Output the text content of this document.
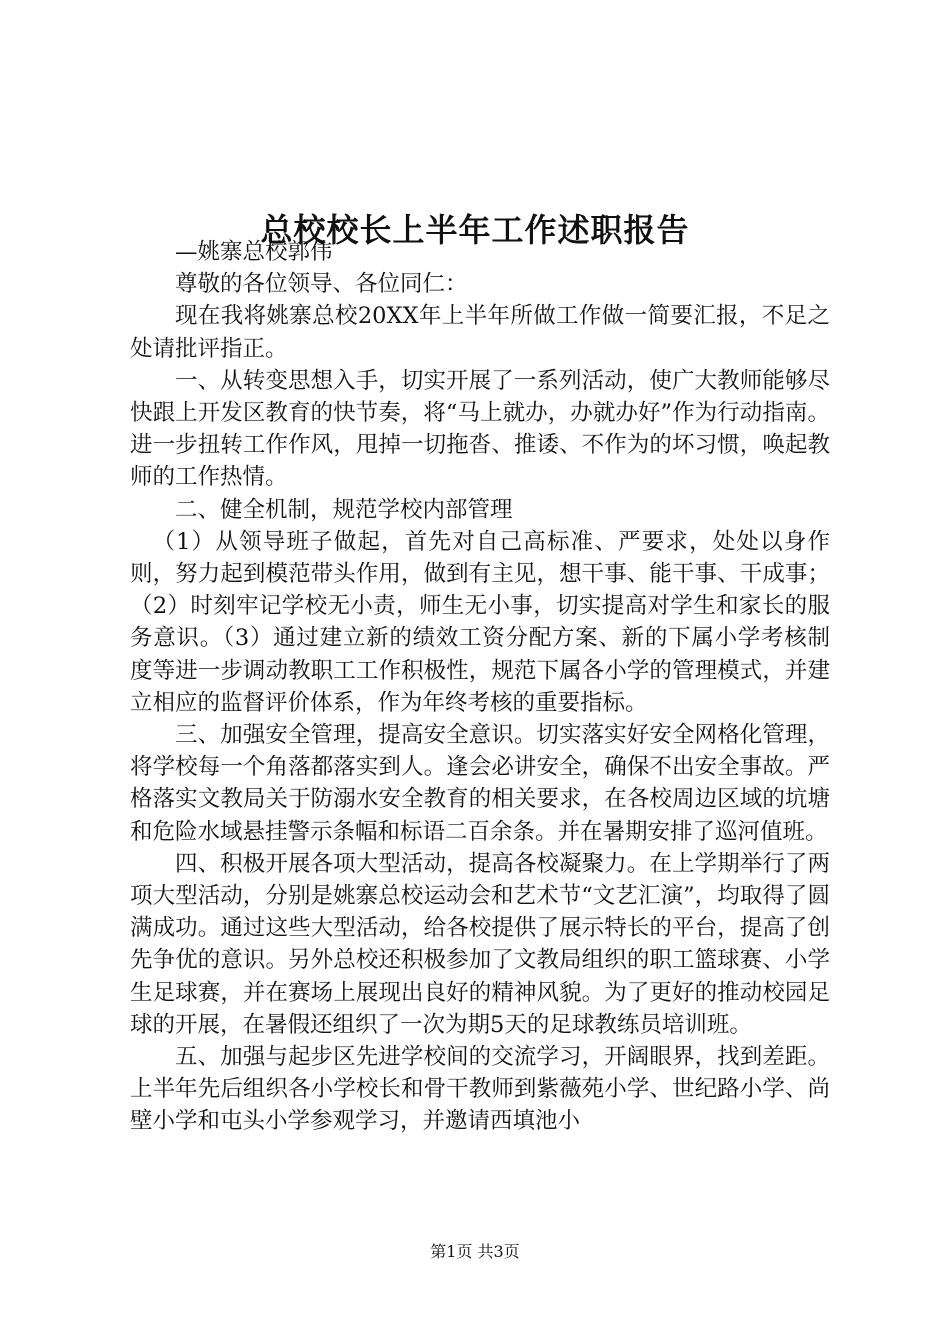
总校校长上半年工作述职报告

—姚寨总校郭伟

尊敬的各位领导、各位同仁：

现在我将姚寨总校20XX年上半年所做工作做一简要汇报，不足之处请批评指正。

一、从转变思想入手，切实开展了一系列活动，使广大教师能够尽快跟上开发区教育的快节奏，将“马上就办，办就办好”作为行动指南。进一步扭转工作作风，甩掉一切拖沓、推诿、不作为的坏习惯，唤起教师的工作热情。

二、健全机制，规范学校内部管理

（1）从领导班子做起，首先对自己高标准、严要求，处处以身作则，努力起到模范带头作用，做到有主见，想干事、能干事、干成事；（2）时刻牢记学校无小责，师生无小事，切实提高对学生和家长的服务意识。（3）通过建立新的绩效工资分配方案、新的下属小学考核制度等进一步调动教职工工作积极性，规范下属各小学的管理模式，并建立相应的监督评价体系，作为年终考核的重要指标。

三、加强安全管理，提高安全意识。切实落实好安全网格化管理，将学校每一个角落都落实到人。逢会必讲安全，确保不出安全事故。严格落实文教局关于防溺水安全教育的相关要求，在各校周边区域的坑塘和危险水域悬挂警示条幅和标语二百余条。并在暑期安排了巡河值班。

四、积极开展各项大型活动，提高各校凝聚力。在上学期举行了两项大型活动，分别是姚寨总校运动会和艺术节“文艺汇演”，均取得了圆满成功。通过这些大型活动，给各校提供了展示特长的平台，提高了创先争优的意识。另外总校还积极参加了文教局组织的职工篮球赛、小学生足球赛，并在赛场上展现出良好的精神风貌。为了更好的推动校园足球的开展，在暑假还组织了一次为期5天的足球教练员培训班。

五、加强与起步区先进学校间的交流学习，开阔眼界，找到差距。上半年先后组织各小学校长和骨干教师到紫薇苑小学、世纪路小学、尚壁小学和屯头小学参观学习，并邀请西填池小

第1页 共3页
